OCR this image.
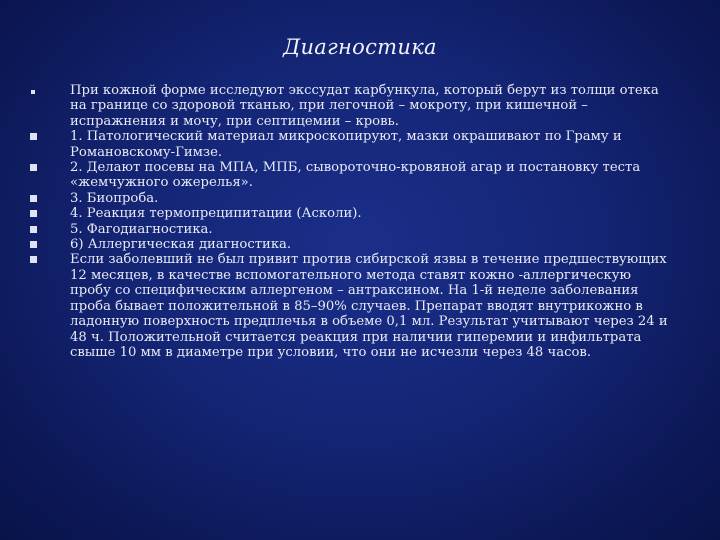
Диагностика
При кожной форме исследуют экссудат карбункула, который берут из толщи отека на границе со здоровой тканью, при легочной – мокроту, при кишечной – испражнения и мочу, при септицемии – кровь.
1. Патологический материал микроскопируют, мазки окрашивают по Граму и Романовскому-Гимзе.
2. Делают посевы на МПА, МПБ, сывороточно-кровяной агар и постановку теста «жемчужного ожерелья».
3. Биопроба.
4. Реакция термопреципитации (Асколи).
5. Фагодиагностика.
6) Аллергическая диагностика.
Если заболевший не был привит против сибирской язвы в течение предшествующих 12 месяцев, в качестве вспомогательного метода ставят кожно -аллергическую пробу со специфическим аллергеном – антраксином. На 1-й неделе заболевания проба бывает положительной в 85–90% случаев. Препарат вводят внутрикожно в ладонную поверхность предплечья в объеме 0,1 мл. Результат учитывают через 24 и 48 ч. Положительной считается реакция при наличии гиперемии и инфильтрата свыше 10 мм в диаметре при условии, что они не исчезли через 48 часов.
